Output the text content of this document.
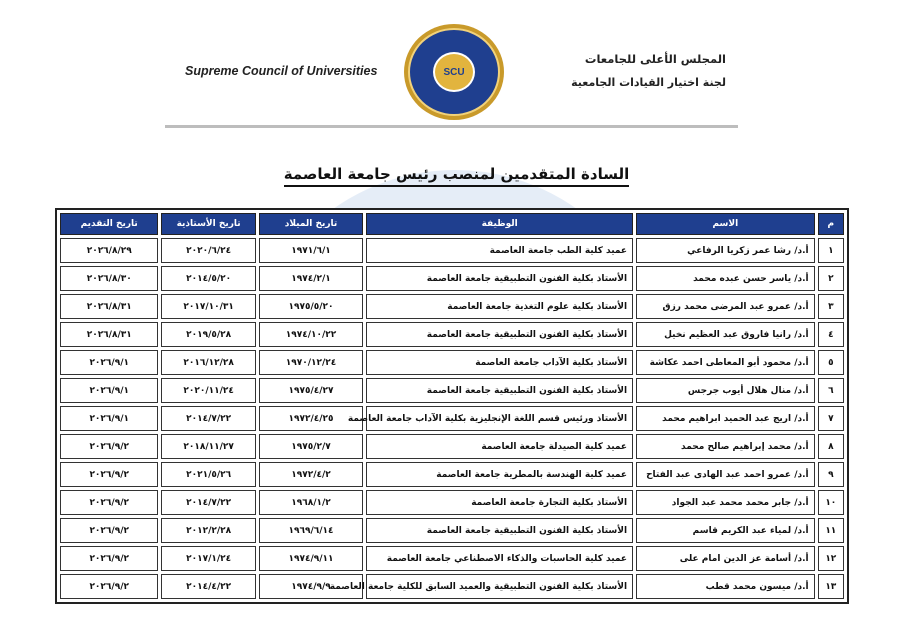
Supreme Council of Universities	SCU
المجلس الأعلى للجامعات
لجنة اختيار القيادات الجامعية
السادة المتقدمين لمنصب رئيس جامعة العاصمة
م	الاسم	الوظيفة	تاريخ الميلاد	تاريخ الأستاذية	تاريخ التقديم
١	أ.د/ رشا عمر زكريا الرفاعي	عميد كلية الطب جامعة العاصمة	١٩٧١/٦/١	٢٠٢٠/٦/٢٤	٢٠٢٦/٨/٢٩
٢	أ.د/ ياسر حسن عبده محمد	الأستاذ بكلية الفنون التطبيقية جامعة العاصمة	١٩٧٤/٢/١	٢٠١٤/٥/٢٠	٢٠٢٦/٨/٣٠
٣	أ.د/ عمرو عبد المرضى محمد رزق	الأستاذ بكلية علوم التغذية جامعة العاصمة	١٩٧٥/٥/٢٠	٢٠١٧/١٠/٣١	٢٠٢٦/٨/٣١
٤	أ.د/ رانيا فاروق عبد العظيم نخيل	الأستاذ بكلية الفنون التطبيقية جامعة العاصمة	١٩٧٤/١٠/٢٢	٢٠١٩/٥/٢٨	٢٠٢٦/٨/٣١
٥	أ.د/ محمود أبو المعاطى احمد عكاشة	الأستاذ بكلية الآداب جامعة العاصمة	١٩٧٠/١٢/٢٤	٢٠١٦/١٢/٢٨	٢٠٢٦/٩/١
٦	أ.د/ منال هلال أيوب جرجس	الأستاذ بكلية الفنون التطبيقية جامعة العاصمة	١٩٧٥/٤/٢٧	٢٠٢٠/١١/٢٤	٢٠٢٦/٩/١
٧	أ.د/ اريج عبد الحميد ابراهيم محمد	الأستاذ ورئيس قسم اللغة الإنجليزية بكلية الآداب جامعة العاصمة	١٩٧٢/٤/٢٥	٢٠١٤/٧/٢٢	٢٠٢٦/٩/١
٨	أ.د/ محمد إبراهيم صالح محمد	عميد كلية الصيدلة جامعة العاصمة	١٩٧٥/٢/٧	٢٠١٨/١١/٢٧	٢٠٢٦/٩/٢
٩	أ.د/ عمرو احمد عبد الهادى عبد الفتاح	عميد كلية الهندسة بالمطرية جامعة العاصمة	١٩٧٢/٤/٢	٢٠٢١/٥/٢٦	٢٠٢٦/٩/٢
١٠	أ.د/ جابر محمد محمد عبد الجواد	الأستاذ بكلية التجارة جامعة العاصمة	١٩٦٨/١/٢	٢٠١٤/٧/٢٢	٢٠٢٦/٩/٢
١١	أ.د/ لمياء عبد الكريم قاسم	الأستاذ بكلية الفنون التطبيقية جامعة العاصمة	١٩٦٩/٦/١٤	٢٠١٢/٢/٢٨	٢٠٢٦/٩/٢
١٢	أ.د/ أسامة عز الدين امام على	عميد كلية الحاسبات والذكاء الاصطناعي جامعة العاصمة	١٩٧٤/٩/١١	٢٠١٧/١/٢٤	٢٠٢٦/٩/٢
١٣	أ.د/ ميسون محمد قطب	الأستاذ بكلية الفنون التطبيقية والعميد السابق للكلية جامعة العاصمة	١٩٧٤/٩/٩	٢٠١٤/٤/٢٢	٢٠٢٦/٩/٢
